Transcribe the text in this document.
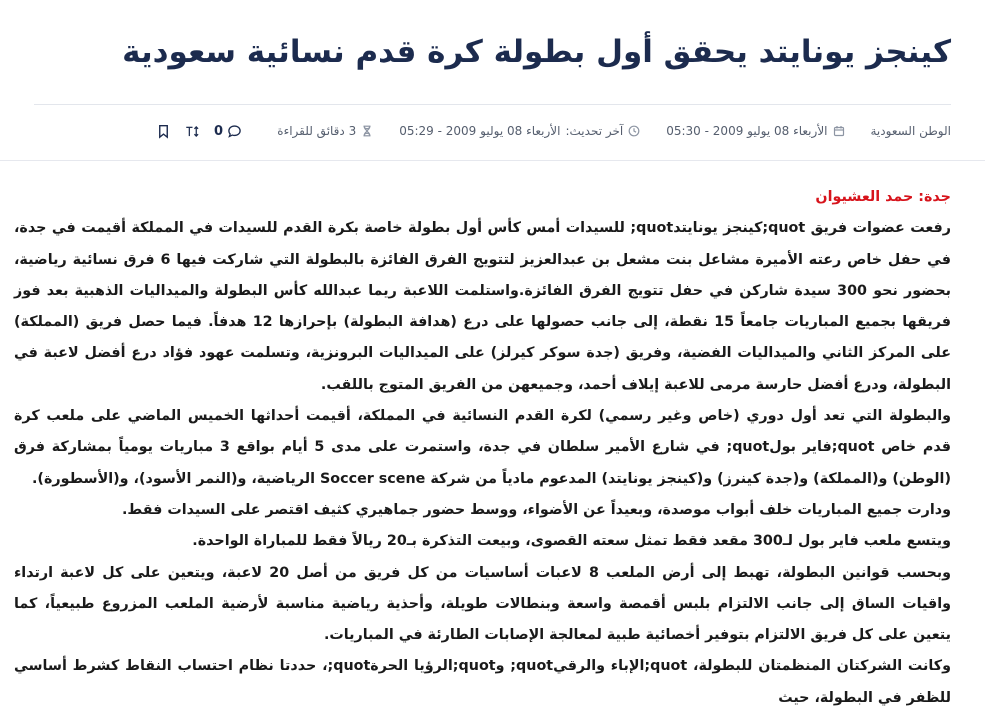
كينجز يونايتد يحقق أول بطولة كرة قدم نسائية سعودية
الوطن السعودية
الأربعاء 08 يوليو 2009 - 05:30
آخر تحديث:
الأربعاء 08 يوليو 2009 - 05:29
3 دقائق للقراءة
0

جدة: حمد العشيوان

رفعت عضوات فريق quot;كينجز يونايتدquot; للسيدات أمس كأس أول بطولة خاصة بكرة القدم للسيدات في المملكة أقيمت في جدة، في حفل خاص رعته الأميرة مشاعل بنت مشعل بن عبدالعزيز لتتويج الفرق الفائزة بالبطولة التي شاركت فيها 6 فرق نسائية رياضية، بحضور نحو 300 سيدة شاركن في حفل تتويج الفرق الفائزة.واستلمت اللاعبة ريما عبدالله كأس البطولة والميداليات الذهبية بعد فوز فريقها بجميع المباريات جامعاً 15 نقطة، إلى جانب حصولها على درع (هدافة البطولة) بإحرازها 12 هدفاً. فيما حصل فريق (المملكة) على المركز الثاني والميداليات الفضية، وفريق (جدة سوكر كيرلز) على الميداليات البرونزية، وتسلمت عهود فؤاد درع أفضل لاعبة في البطولة، ودرع أفضل حارسة مرمى للاعبة إيلاف أحمد، وجميعهن من الفريق المتوج باللقب.

والبطولة التي تعد أول دوري (خاص وغير رسمي) لكرة القدم النسائية في المملكة، أقيمت أحداثها الخميس الماضي على ملعب كرة قدم خاص quot;فاير بولquot; في شارع الأمير سلطان في جدة، واستمرت على مدى 5 أيام بواقع 3 مباريات يومياً بمشاركة فرق (الوطن) و(المملكة) و(جدة كينرز) و(كينجز يونايتد) المدعوم مادياً من شركة Soccer scene الرياضية، و(النمر الأسود)، و(الأسطورة).

ودارت جميع المباريات خلف أبواب موصدة، وبعيداً عن الأضواء، ووسط حضور جماهيري كثيف اقتصر على السيدات فقط.

ويتسع ملعب فاير بول لـ300 مقعد فقط تمثل سعته القصوى، وبيعت التذكرة بـ20 ريالاً فقط للمباراة الواحدة.

وبحسب قوانين البطولة، تهبط إلى أرض الملعب 8 لاعبات أساسيات من كل فريق من أصل 20 لاعبة، ويتعين على كل لاعبة ارتداء واقيات الساق إلى جانب الالتزام بلبس أقمصة واسعة وبنطالات طويلة، وأحذية رياضية مناسبة لأرضية الملعب المزروع طبيعياً، كما يتعين على كل فريق الالتزام بتوفير أخصائية طبية لمعالجة الإصابات الطارئة في المباريات.

وكانت الشركتان المنظمتان للبطولة، quot;الإباء والرقيquot; وquot;الرؤيا الحرةquot;، حددتا نظام احتساب النقاط كشرط أساسي للظفر في البطولة، حيث
